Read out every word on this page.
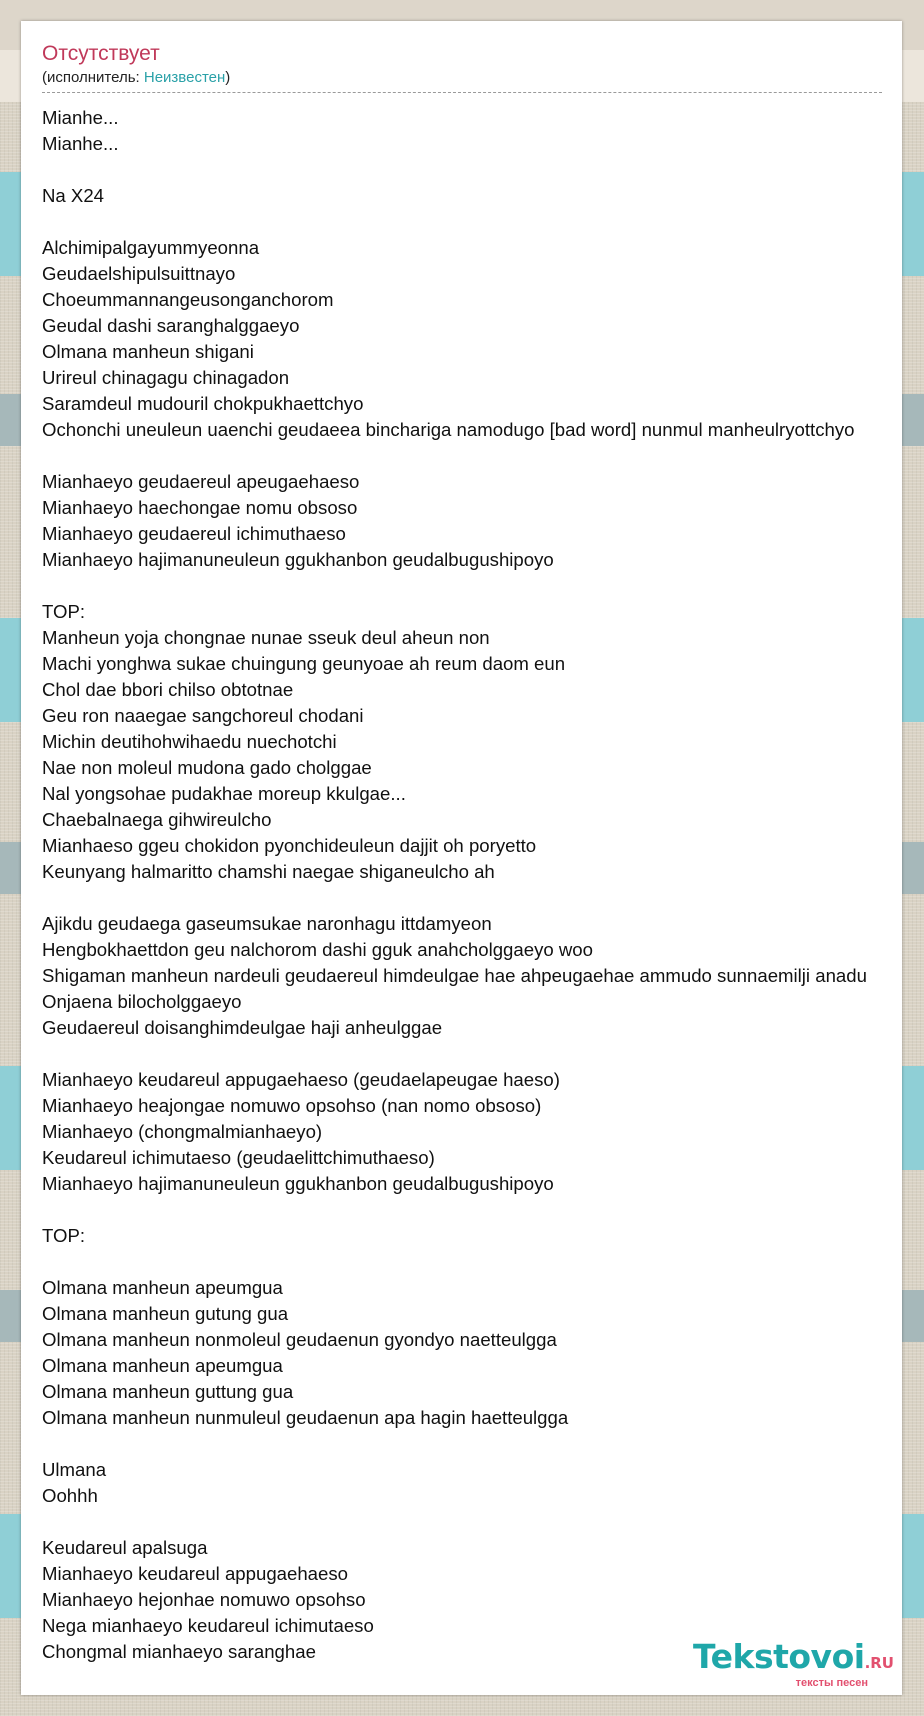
Отсутствует
(исполнитель: Неизвестен)
Mianhe...
Mianhe...
Na X24
Alchimipalgayummyeonna
Geudaelshipulsuittnayo
Choeummannangeusonganchorom
Geudal dashi saranghalggaeyo
Olmana manheun shigani
Urireul chinagagu chinagadon
Saramdeul mudouril chokpukhaettchyo
Ochonchi uneuleun uaenchi geudaeea bincharigа namodugo [bad word] nunmul manheulryottchyo
Mianhaeyo geudaereul apeugaehaeso
Mianhaeyo haechongae nomu obsoso
Mianhaeyo geudaereul ichimuthaeso
Mianhaeyo hajimanuneuleun ggukhanbon geudalbugushipoyo
TOP:
Manheun yoja chongnae nunae sseuk deul aheun non
Machi yonghwa sukae chuingung geunyoae ah reum daom eun
Chol dae bbori chilso obtotnae
Geu ron naaegae sangchoreul chodani
Michin deutihohwihaedu nuechotchi
Nae non moleul mudona gado cholggae
Nal yongsohae pudakhae moreup kkulgae...
Chaebalnaega gihwireulcho
Mianhaeso ggeu chokidon pyonchideuleun dajjit oh poryetto
Keunyang halmaritto chamshi naegae shiganeulcho ah
Ajikdu geudaega gaseumsukae naronhagu ittdamyeon
Hengbokhaettdon geu nalchorom dashi gguk anahcholggaeyo woo
Shigaman manheun nardeuli geudaereul himdeulgae hae ahpeugaehae ammudo sunnaemilji anadu
Onjaena bilocholggaeyo
Geudaereul doisanghimdeulgae haji anheulggae
Mianhaeyo keudareul appugaehaeso (geudaelapeugae haeso)
Mianhaeyo heajongae nomuwo opsohso (nan nomo obsoso)
Mianhaeyo (chongmalmianhaeyo)
Keudareul ichimutaeso (geudaelittchimuthaeso)
Mianhaeyo hajimanuneuleun ggukhanbon geudalbugushipoyo
TOP:
Olmana manheun apeumgua
Olmana manheun gutung gua
Olmana manheun nonmoleul geudaenun gyondyo naetteulgga
Olmana manheun apeumgua
Olmana manheun guttung gua
Olmana manheun nunmuleul geudaenun apa hagin haetteulgga
Ulmana
Oohhh
Keudareul apalsuga
Mianhaeyo keudareul appugaehaeso
Mianhaeyo hejonhae nomuwo opsohso
Nega mianhaeyo keudareul ichimutaeso
Chongmal mianhaeyo saranghae	Tekstovoi.RU
тексты песен
